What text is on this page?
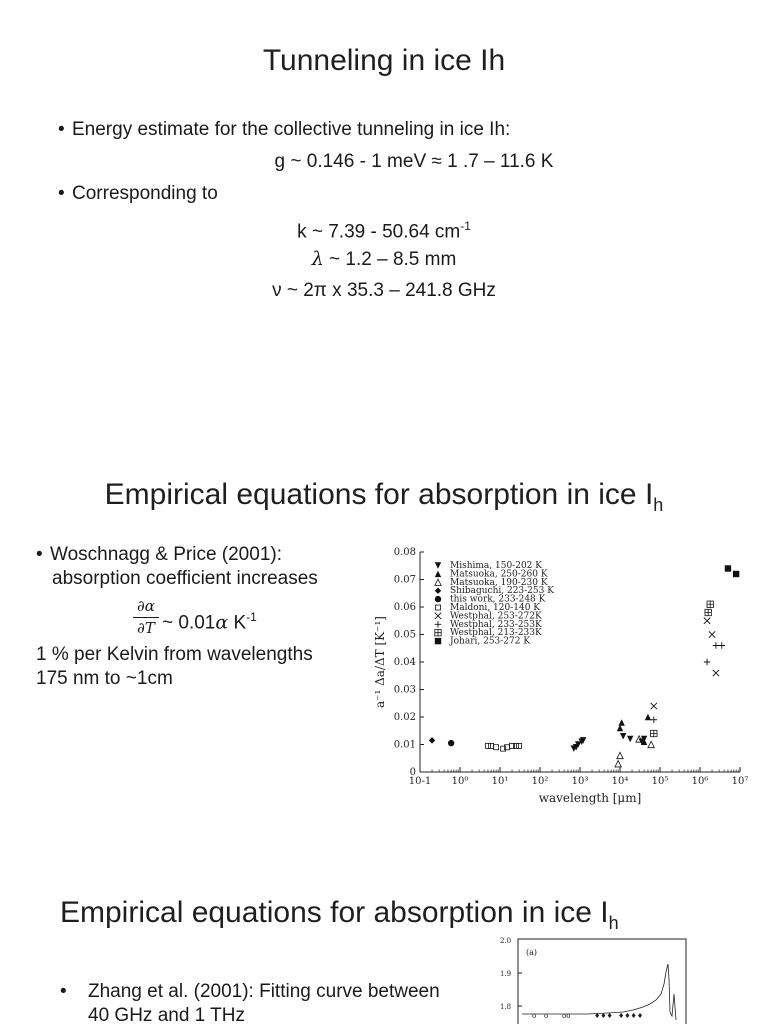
Tunneling in ice Ih
• Energy estimate for the collective tunneling in ice Ih:
g ~ 0.146 - 1 meV ≈ 1 .7 – 11.6 K
• Corresponding to
k ~ 7.39 - 50.64 $cm^{-1}$
λ ~ 1.2 – 8.5 mm
ν ~ 2π x 35.3 – 241.8 GHz
Empirical equations for absorption in ice $I_h$
• Woschnagg & Price (2001):
absorption coefficient increases
∂α
∂T ~ 0.01α $K^{-1}$
1 % per Kelvin from wavelengths
175 nm to ~1cm
0
0.01
0.02
0.03
0.04
0.05
0.06
0.07
0.08
10-1 10⁰ 10¹ 10² 10³ 10⁴ 10⁵ 10⁶ 10⁷
wavelength [μm]
a⁻¹ Δa/ΔT [K⁻¹]
Mishima, 150-202 K
Matsuoka, 250-260 K
Matsuoka, 190-230 K
Shibaguchi, 223-253 K
this work, 233-248 K
Maldoni, 120-140 K
Westphal, 253-272K
Westphal, 233-253K
Westphal, 213-233K
Johari, 253-272 K
Empirical equations for absorption in ice $I_h$
• Zhang et al. (2001): Fitting curve between
40 GHz and 1 THz
(a)
2.0
1.9
1.8
o o oo	♦♦♦ ♦♦♦♦
